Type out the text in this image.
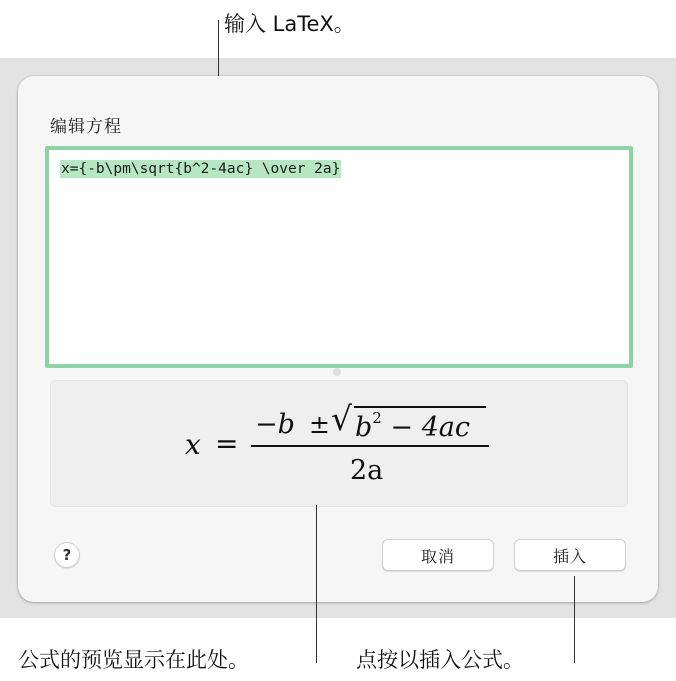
输入 LaTeX。
编辑方程
x={-b\pm\sqrt{b^2-4ac} \over 2a}
x =
−b ± √ $b^2 - 4ac$
2a
?	取消	插入
公式的预览显示在此处。	点按以插入公式。
